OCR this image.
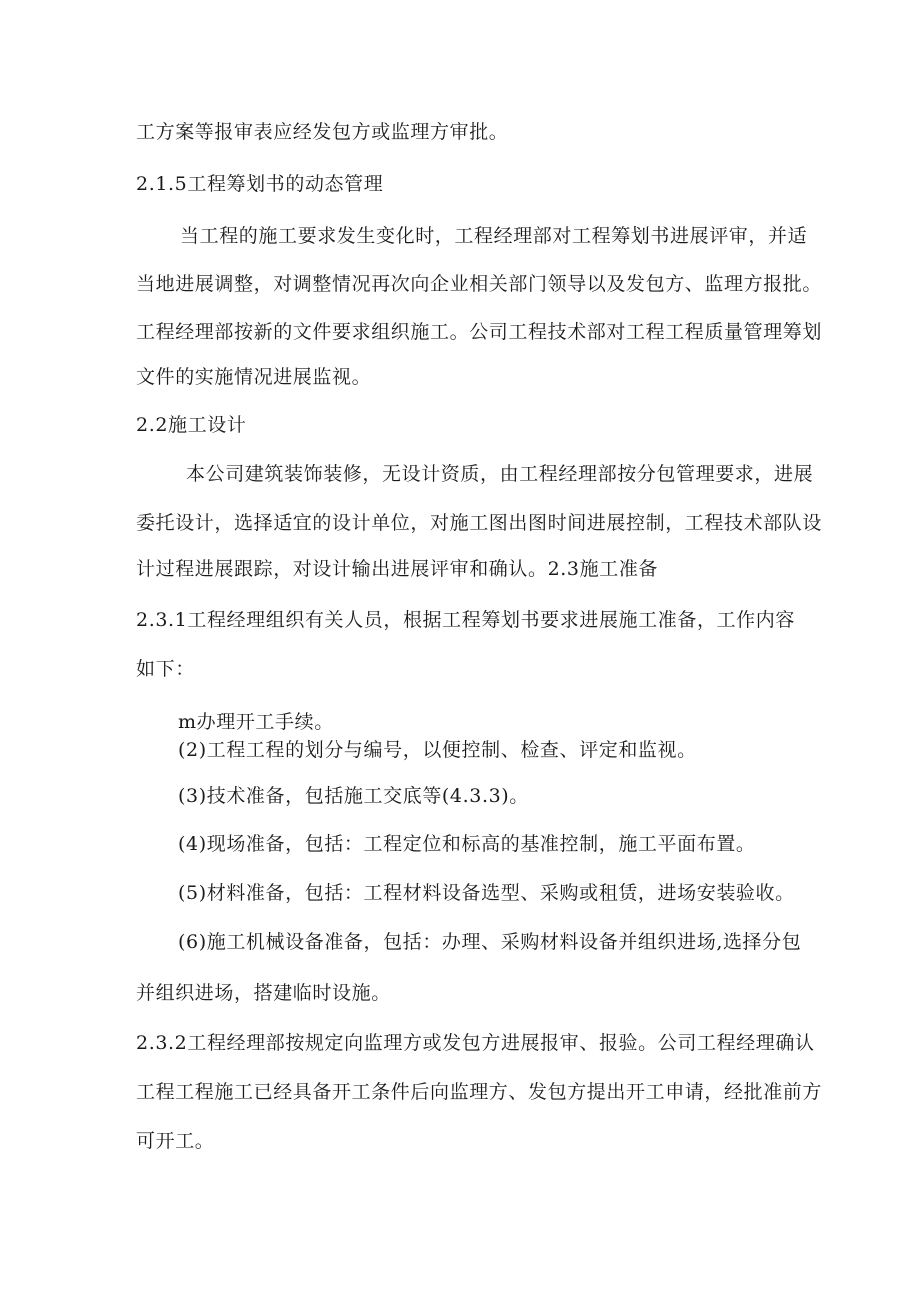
工方案等报审表应经发包方或监理方审批。
2.1.5工程筹划书的动态管理
当工程的施工要求发生变化时，工程经理部对工程筹划书进展评审，并适
当地进展调整，对调整情况再次向企业相关部门领导以及发包方、监理方报批。
工程经理部按新的文件要求组织施工。公司工程技术部对工程工程质量管理筹划
文件的实施情况进展监视。
2.2施工设计
本公司建筑装饰装修，无设计资质，由工程经理部按分包管理要求，进展
委托设计，选择适宜的设计单位，对施工图出图时间进展控制，工程技术部队设
计过程进展跟踪，对设计输出进展评审和确认。2.3施工准备
2.3.1工程经理组织有关人员，根据工程筹划书要求进展施工准备，工作内容
如下：
m办理开工手续。
(2)工程工程的划分与编号，以便控制、检查、评定和监视。
(3)技术准备，包括施工交底等(4.3.3)。
(4)现场准备，包括：工程定位和标高的基准控制，施工平面布置。
(5)材料准备，包括：工程材料设备选型、采购或租赁，进场安装验收。
(6)施工机械设备准备，包括：办理、采购材料设备并组织进场,选择分包
并组织进场，搭建临时设施。
2.3.2工程经理部按规定向监理方或发包方进展报审、报验。公司工程经理确认
工程工程施工已经具备开工条件后向监理方、发包方提出开工申请，经批准前方
可开工。
